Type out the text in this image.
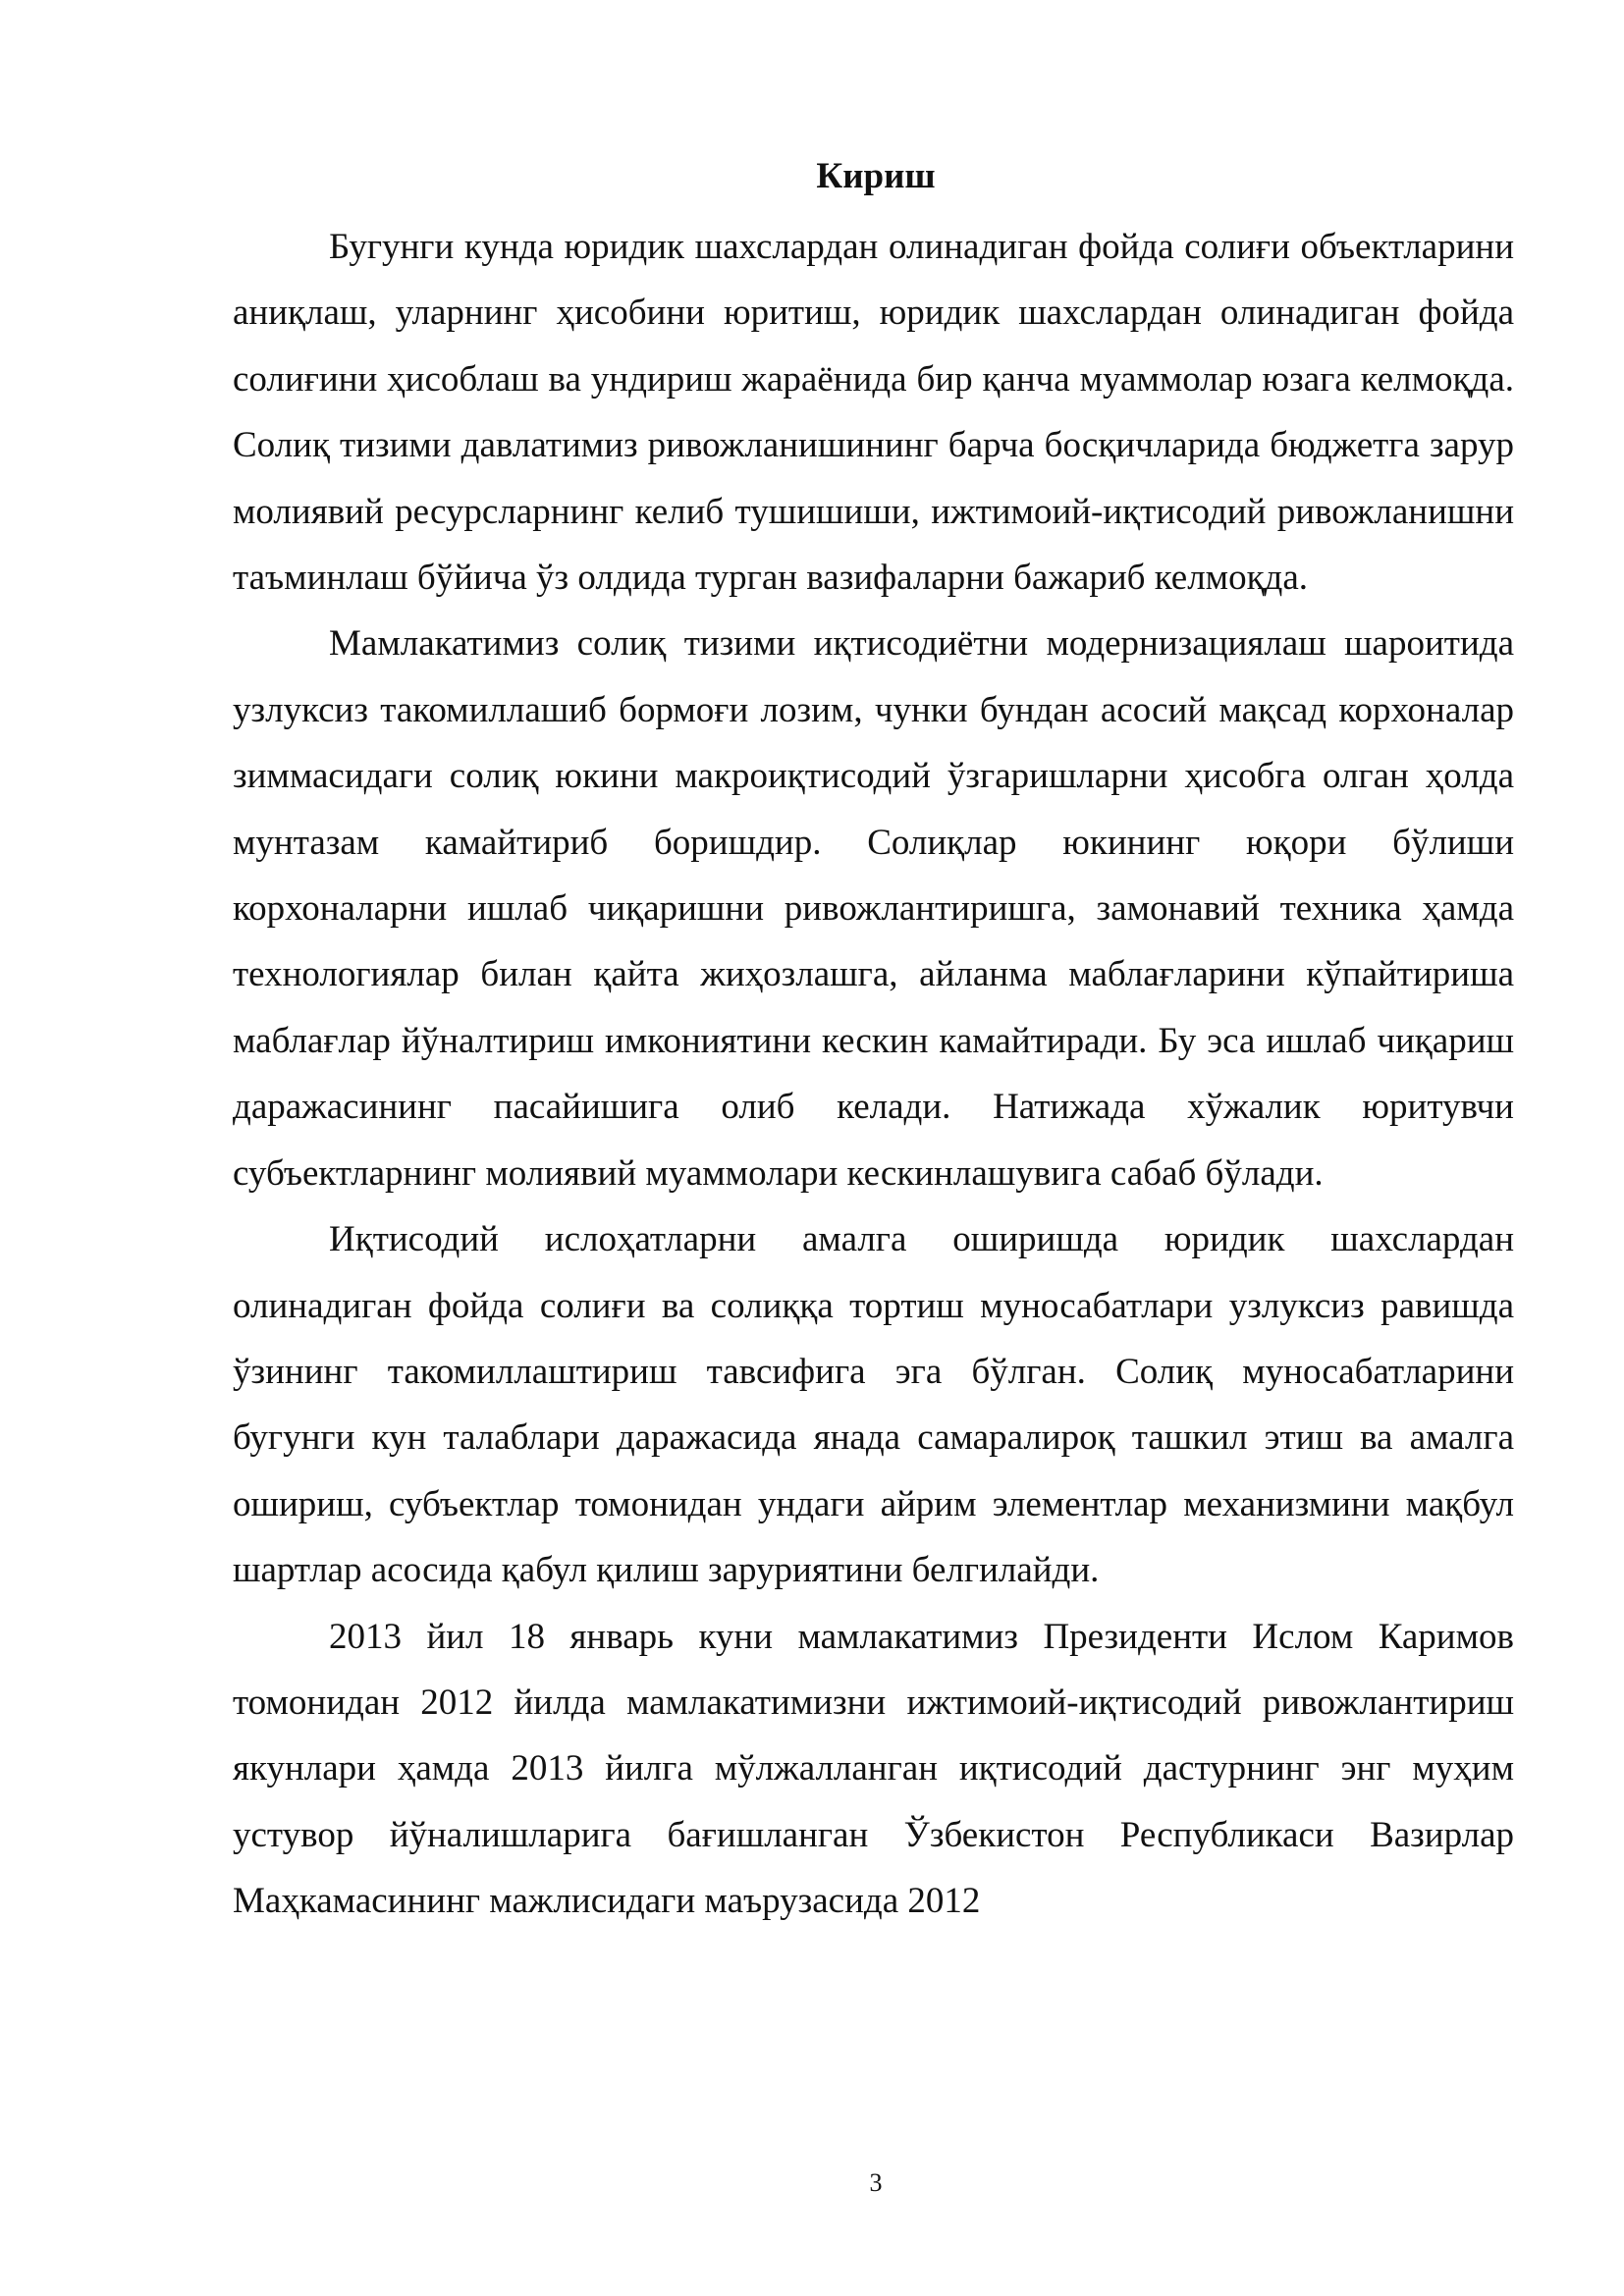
Кириш

Бугунги кунда юридик шахслардан олинадиган фойда солиғи объектларини аниқлаш, уларнинг ҳисобини юритиш, юридик шахслардан олинадиган фойда солиғини ҳисоблаш ва ундириш жараёнида бир қанча муаммолар юзага келмоқда. Солиқ тизими давлатимиз ривожланишининг барча босқичларида бюджетга зарур молиявий ресурсларнинг келиб тушишиши, ижтимоий-иқтисодий ривожланишни таъминлаш бўйича ўз олдида турган вазифаларни бажариб келмоқда.

Мамлакатимиз солиқ тизими иқтисодиётни модернизациялаш шароитида узлуксиз такомиллашиб бормоғи лозим, чунки бундан асосий мақсад корхоналар зиммасидаги солиқ юкини макроиқтисодий ўзгаришларни ҳисобга олган ҳолда мунтазам камайтириб боришдир. Солиқлар юкининг юқори бўлиши корхоналарни ишлаб чиқаришни ривожлантиришга, замонавий техника ҳамда технологиялар билан қайта жиҳозлашга, айланма маблағларини кўпайтириша маблағлар йўналтириш имкониятини кескин камайтиради. Бу эса ишлаб чиқариш даражасининг пасайишига олиб келади. Натижада хўжалик юритувчи субъектларнинг молиявий муаммолари кескинлашувига сабаб бўлади.

Иқтисодий ислоҳатларни амалга оширишда юридик шахслардан олинадиган фойда солиғи ва солиққа тортиш муносабатлари узлуксиз равишда ўзининг такомиллаштириш тавсифига эга бўлган. Солиқ муносабатларини бугунги кун талаблари даражасида янада самаралироқ ташкил этиш ва амалга ошириш, субъектлар томонидан ундаги айрим элементлар механизмини мақбул шартлар асосида қабул қилиш заруриятини белгилайди.

2013 йил 18 январь куни мамлакатимиз Президенти Ислом Каримов томонидан 2012 йилда мамлакатимизни ижтимоий-иқтисодий ривожлантириш якунлари ҳамда 2013 йилга мўлжалланган иқтисодий дастурнинг энг муҳим устувор йўналишларига бағишланган Ўзбекистон Республикаси Вазирлар Маҳкамасининг мажлисидаги маърузасида 2012

3
